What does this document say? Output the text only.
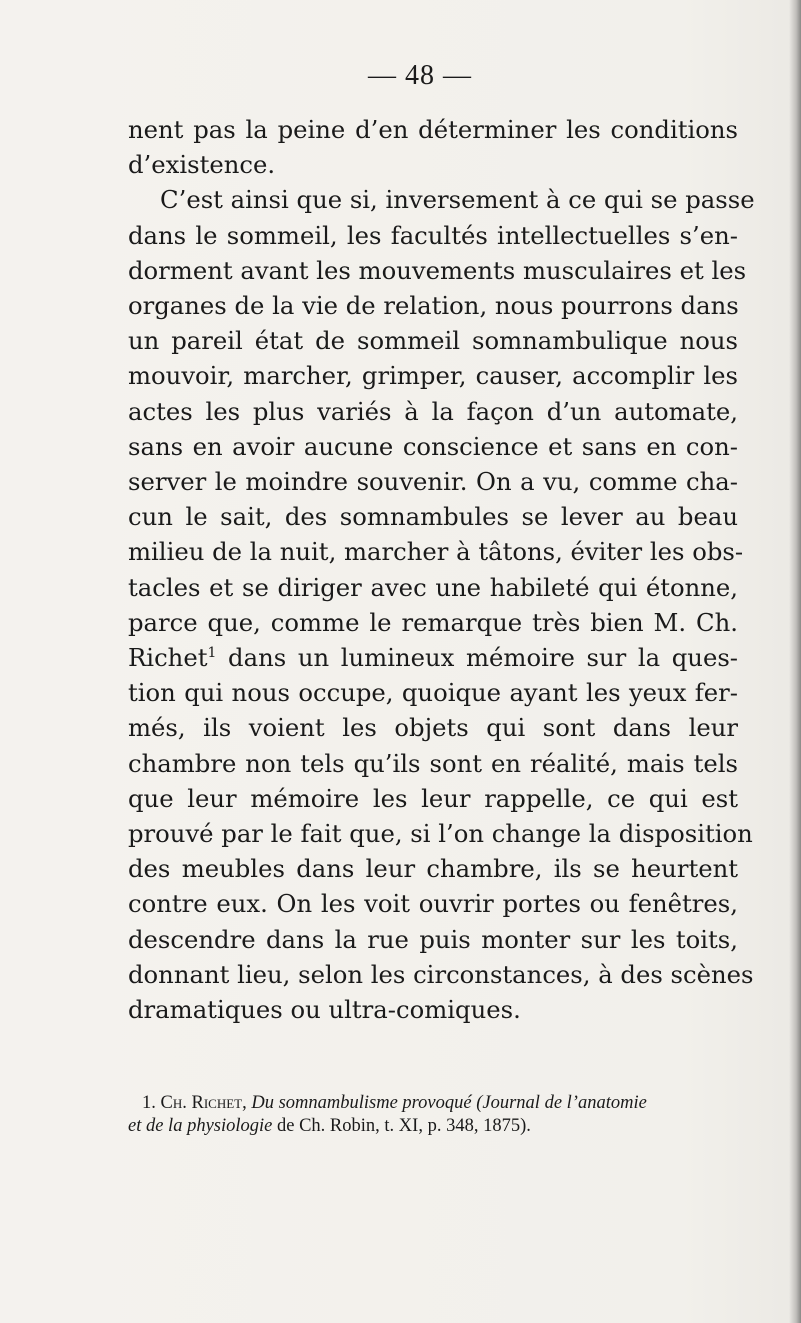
— 48 —
nent pas la peine d’en déterminer les conditions
d’existence.
C’est ainsi que si, inversement à ce qui se passe
dans le sommeil, les facultés intellectuelles s’en-
dorment avant les mouvements musculaires et les
organes de la vie de relation, nous pourrons dans
un pareil état de sommeil somnambulique nous
mouvoir, marcher, grimper, causer, accomplir les
actes les plus variés à la façon d’un automate,
sans en avoir aucune conscience et sans en con-
server le moindre souvenir. On a vu, comme cha-
cun le sait, des somnambules se lever au beau
milieu de la nuit, marcher à tâtons, éviter les obs-
tacles et se diriger avec une habileté qui étonne,
parce que, comme le remarque très bien M. Ch.
Richet$^1$ dans un lumineux mémoire sur la ques-
tion qui nous occupe, quoique ayant les yeux fer-
més, ils voient les objets qui sont dans leur
chambre non tels qu’ils sont en réalité, mais tels
que leur mémoire les leur rappelle, ce qui est
prouvé par le fait que, si l’on change la disposition
des meubles dans leur chambre, ils se heurtent
contre eux. On les voit ouvrir portes ou fenêtres,
descendre dans la rue puis monter sur les toits,
donnant lieu, selon les circonstances, à des scènes
dramatiques ou ultra-comiques.
1. Ch. Richet, Du somnambulisme provoqué (Journal de l’anatomie
et de la physiologie de Ch. Robin, t. XI, p. 348, 1875).
